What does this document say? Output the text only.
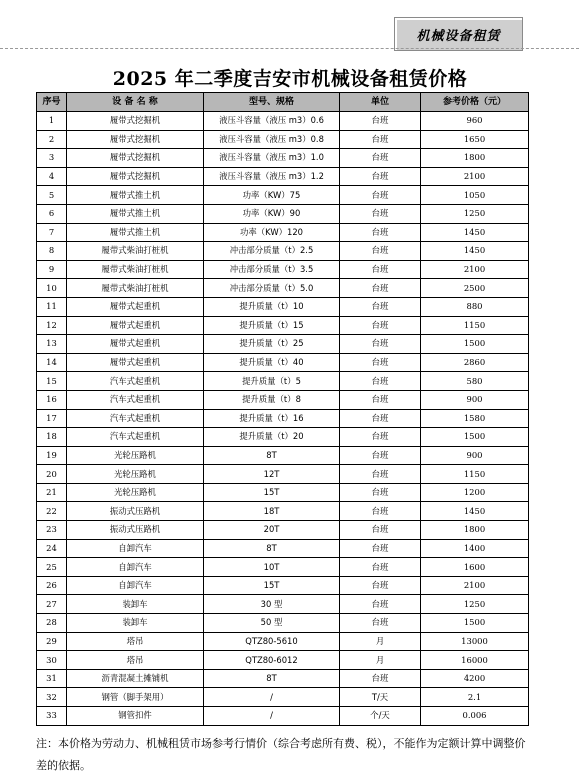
机械设备租赁
2025 年二季度吉安市机械设备租赁价格
序号	设 备 名 称	型号、规格	单位	参考价格（元）
1	履带式挖掘机	液压斗容量（液压 m3）0.6	台班	960
2	履带式挖掘机	液压斗容量（液压 m3）0.8	台班	1650
3	履带式挖掘机	液压斗容量（液压 m3）1.0	台班	1800
4	履带式挖掘机	液压斗容量（液压 m3）1.2	台班	2100
5	履带式推土机	功率（KW）75	台班	1050
6	履带式推土机	功率（KW）90	台班	1250
7	履带式推土机	功率（KW）120	台班	1450
8	履带式柴油打桩机	冲击部分质量（t）2.5	台班	1450
9	履带式柴油打桩机	冲击部分质量（t）3.5	台班	2100
10	履带式柴油打桩机	冲击部分质量（t）5.0	台班	2500
11	履带式起重机	提升质量（t）10	台班	880
12	履带式起重机	提升质量（t）15	台班	1150
13	履带式起重机	提升质量（t）25	台班	1500
14	履带式起重机	提升质量（t）40	台班	2860
15	汽车式起重机	提升质量（t）5	台班	580
16	汽车式起重机	提升质量（t）8	台班	900
17	汽车式起重机	提升质量（t）16	台班	1580
18	汽车式起重机	提升质量（t）20	台班	1500
19	光轮压路机	8T	台班	900
20	光轮压路机	12T	台班	1150
21	光轮压路机	15T	台班	1200
22	振动式压路机	18T	台班	1450
23	振动式压路机	20T	台班	1800
24	自卸汽车	8T	台班	1400
25	自卸汽车	10T	台班	1600
26	自卸汽车	15T	台班	2100
27	装卸车	30 型	台班	1250
28	装卸车	50 型	台班	1500
29	塔吊	QTZ80-5610	月	13000
30	塔吊	QTZ80-6012	月	16000
31	沥青混凝土摊铺机	8T	台班	4200
32	钢管（脚手架用）	/	T/天	2.1
33	钢管扣件	/	个/天	0.006
注：本价格为劳动力、机械租赁市场参考行情价（综合考虑所有费、税），不能作为定额计算中调整价差的依据。
